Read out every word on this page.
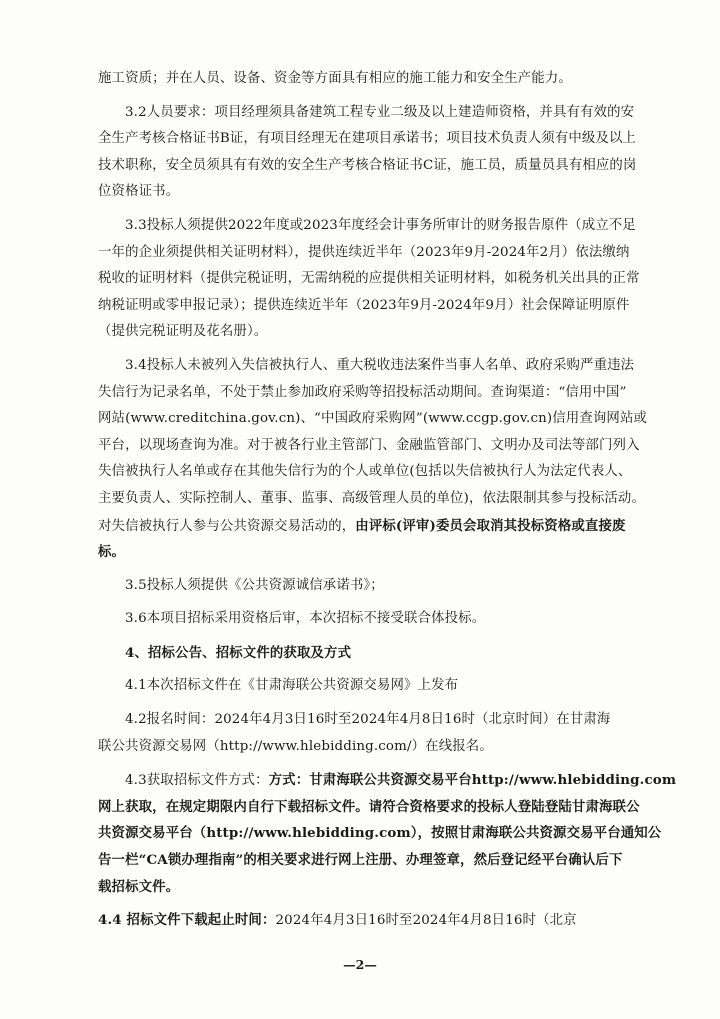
施工资质；并在人员、设备、资金等方面具有相应的施工能力和安全生产能力。
3.2人员要求：项目经理须具备建筑工程专业二级及以上建造师资格，并具有有效的安
全生产考核合格证书B证，有项目经理无在建项目承诺书；项目技术负责人须有中级及以上
技术职称，安全员须具有有效的安全生产考核合格证书C证，施工员，质量员具有相应的岗
位资格证书。
3.3投标人须提供2022年度或2023年度经会计事务所审计的财务报告原件（成立不足
一年的企业须提供相关证明材料），提供连续近半年（2023年9月-2024年2月）依法缴纳
税收的证明材料（提供完税证明，无需纳税的应提供相关证明材料，如税务机关出具的正常
纳税证明或零申报记录）；提供连续近半年（2023年9月-2024年9月）社会保障证明原件
（提供完税证明及花名册）。
3.4投标人未被列入失信被执行人、重大税收违法案件当事人名单、政府采购严重违法
失信行为记录名单，不处于禁止参加政府采购等招投标活动期间。查询渠道：“信用中国”
网站(www.creditchina.gov.cn)、“中国政府采购网”(www.ccgp.gov.cn)信用查询网站或
平台，以现场查询为准。对于被各行业主管部门、金融监管部门、文明办及司法等部门列入
失信被执行人名单或存在其他失信行为的个人或单位(包括以失信被执行人为法定代表人、
主要负责人、实际控制人、董事、监事、高级管理人员的单位)，依法限制其参与投标活动。
对失信被执行人参与公共资源交易活动的，由评标(评审)委员会取消其投标资格或直接废
标。
3.5投标人须提供《公共资源诚信承诺书》；
3.6本项目招标采用资格后审，本次招标不接受联合体投标。
4、招标公告、招标文件的获取及方式
4.1本次招标文件在《甘肃海联公共资源交易网》上发布
4.2报名时间：2024年4月3日16时至2024年4月8日16时（北京时间）在甘肃海
联公共资源交易网（http://www.hlebidding.com/）在线报名。
4.3获取招标文件方式：方式：甘肃海联公共资源交易平台http://www.hlebidding.com
网上获取，在规定期限内自行下载招标文件。请符合资格要求的投标人登陆登陆甘肃海联公
共资源交易平台（http://www.hlebidding.com），按照甘肃海联公共资源交易平台通知公
告一栏“CA锁办理指南”的相关要求进行网上注册、办理签章，然后登记经平台确认后下
载招标文件。
4.4 招标文件下载起止时间：2024年4月3日16时至2024年4月8日16时（北京
—2—
